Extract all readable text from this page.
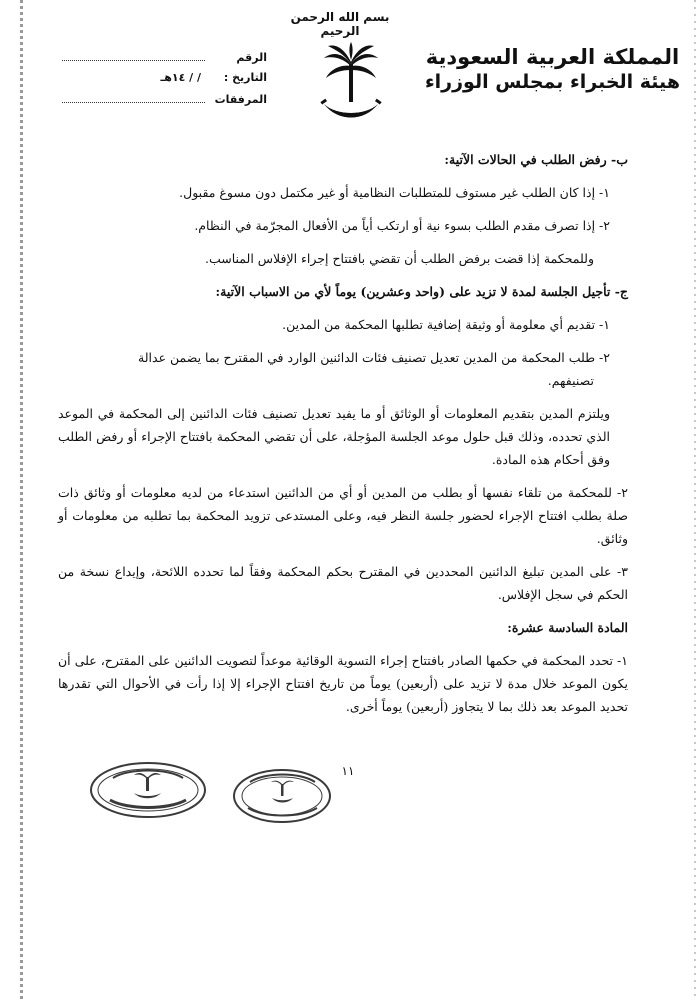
بسم الله الرحمن الرحيم
المملكة العربية السعودية
هيئة الخبراء بمجلس الوزراء
الرقم
التاريخ :
/ / ١٤هـ
المرفقات

ب- رفض الطلب في الحالات الآتية:

١- إذا كان الطلب غير مستوف للمتطلبات النظامية أو غير مكتمل دون مسوغ مقبول.

٢- إذا تصرف مقدم الطلب بسوء نية أو ارتكب أياً من الأفعال المجرّمة في النظام.

وللمحكمة إذا قضت برفض الطلب أن تقضي بافتتاح إجراء الإفلاس المناسب.

ج- تأجيل الجلسة لمدة لا تزيد على (واحد وعشرين) يوماً لأي من الاسباب الآتية:

١- تقديم أي معلومة أو وثيقة إضافية تطلبها المحكمة من المدين.

٢- طلب المحكمة من المدين تعديل تصنيف فئات الدائنين الوارد في المقترح بما يضمن عدالة

تصنيفهم.

ويلتزم المدين بتقديم المعلومات أو الوثائق أو ما يفيد تعديل تصنيف فئات الدائنين إلى المحكمة في الموعد الذي تحدده، وذلك قبل حلول موعد الجلسة المؤجلة، على أن تقضي المحكمة بافتتاح الإجراء أو رفض الطلب وفق أحكام هذه المادة.

٢- للمحكمة من تلقاء نفسها أو بطلب من المدين أو أي من الدائنين استدعاء من لديه معلومات أو وثائق ذات صلة بطلب افتتاح الإجراء لحضور جلسة النظر فيه، وعلى المستدعى تزويد المحكمة بما تطلبه من معلومات أو وثائق.

٣- على المدين تبليغ الدائنين المحددين في المقترح بحكم المحكمة وفقاً لما تحدده اللائحة، وإيداع نسخة من الحكم في سجل الإفلاس.

المادة السادسة عشرة:

١- تحدد المحكمة في حكمها الصادر بافتتاح إجراء التسوية الوقائية موعداً لتصويت الدائنين على المقترح، على أن يكون الموعد خلال مدة لا تزيد على (أربعين) يوماً من تاريخ افتتاح الإجراء إلا إذا رأت في الأحوال التي تقدرها تحديد الموعد بعد ذلك بما لا يتجاوز (أربعين) يوماً أخرى.

١١
٭
